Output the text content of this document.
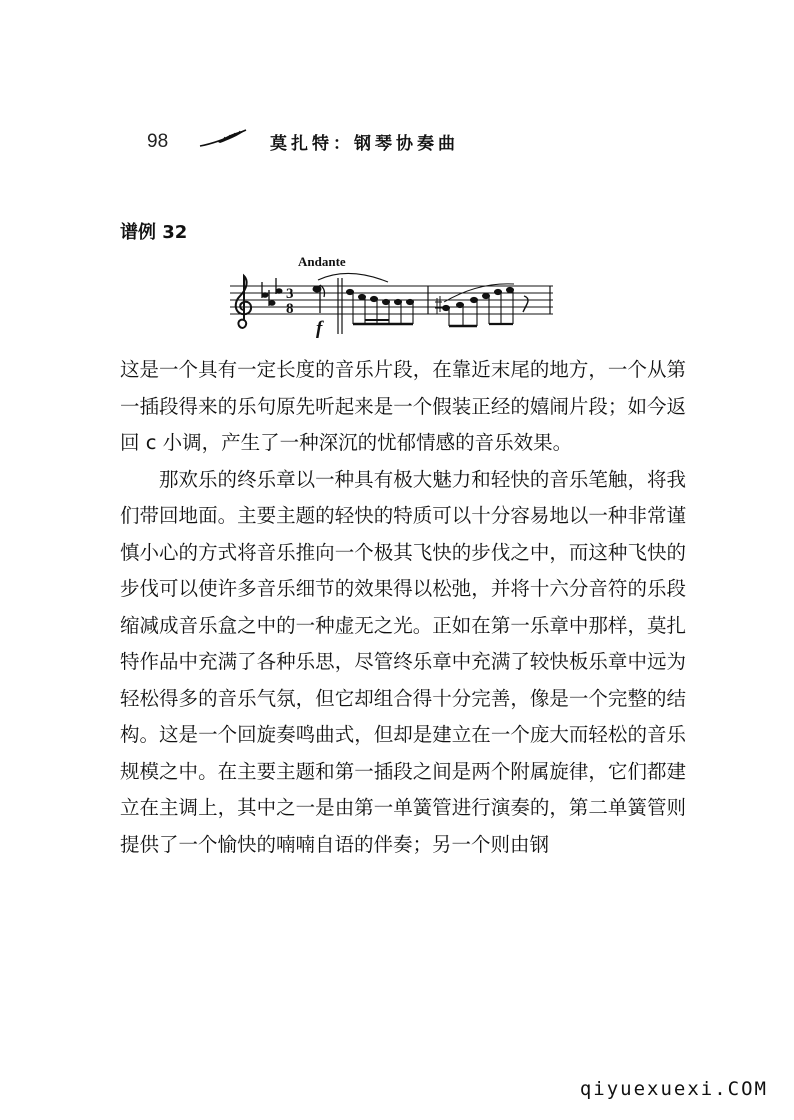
98	莫扎特：钢琴协奏曲
谱例 32
Andante
3
8
f

这是一个具有一定长度的音乐片段，在靠近末尾的地方，一个从第一插段得来的乐句原先听起来是一个假装正经的嬉闹片段；如今返回 c 小调，产生了一种深沉的忧郁情感的音乐效果。

那欢乐的终乐章以一种具有极大魅力和轻快的音乐笔触，将我们带回地面。主要主题的轻快的特质可以十分容易地以一种非常谨慎小心的方式将音乐推向一个极其飞快的步伐之中，而这种飞快的步伐可以使许多音乐细节的效果得以松弛，并将十六分音符的乐段缩减成音乐盒之中的一种虚无之光。正如在第一乐章中那样，莫扎特作品中充满了各种乐思，尽管终乐章中充满了较快板乐章中远为轻松得多的音乐气氛，但它却组合得十分完善，像是一个完整的结构。这是一个回旋奏鸣曲式，但却是建立在一个庞大而轻松的音乐规模之中。在主要主题和第一插段之间是两个附属旋律，它们都建立在主调上，其中之一是由第一单簧管进行演奏的，第二单簧管则提供了一个愉快的喃喃自语的伴奏；另一个则由钢

qiyuexuexi.COM
